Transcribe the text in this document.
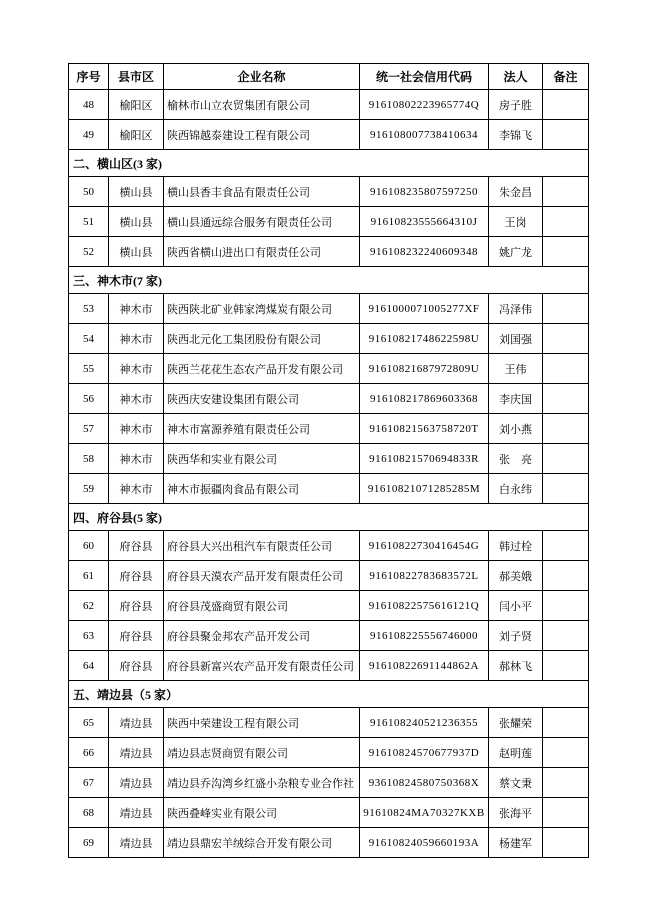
序号	县市区	企业名称	统一社会信用代码	法人	备注
48	榆阳区	榆林市山立农贸集团有限公司	91610802223965774Q	房子胜	
49	榆阳区	陕西锦越泰建设工程有限公司	916108007738410634	李锦飞	
二、横山区(3 家)					
50	横山县	横山县香丰食品有限责任公司	916108235807597250	朱金昌	
51	横山县	横山县通远综合服务有限责任公司	91610823555664310J	王岗	
52	横山县	陕西省横山进出口有限责任公司	916108232240609348	姚广龙	
三、神木市(7 家)					
53	神木市	陕西陕北矿业韩家湾煤炭有限公司	9161000071005277XF	冯泽伟	
54	神木市	陕西北元化工集团股份有限公司	91610821748622598U	刘国强	
55	神木市	陕西兰花花生态农产品开发有限公司	91610821687972809U	王伟	
56	神木市	陕西庆安建设集团有限公司	916108217869603368	李庆国	
57	神木市	神木市富源养殖有限责任公司	91610821563758720T	刘小燕	
58	神木市	陕西华和实业有限公司	91610821570694833R	张　亮	
59	神木市	神木市振疆肉食品有限公司	91610821071285285M	白永纬	
四、府谷县(5 家)					
60	府谷县	府谷县大兴出租汽车有限责任公司	91610822730416454G	韩过栓	
61	府谷县	府谷县天漠农产品开发有限责任公司	91610822783683572L	郝美娥	
62	府谷县	府谷县茂盛商贸有限公司	91610822575616121Q	闫小平	
63	府谷县	府谷县聚金邦农产品开发公司	916108225556746000	刘子贤	
64	府谷县	府谷县新富兴农产品开发有限责任公司	91610822691144862A	郝林飞	
五、靖边县（5 家）					
65	靖边县	陕西中荣建设工程有限公司	916108240521236355	张耀荣	
66	靖边县	靖边县志贤商贸有限公司	91610824570677937D	赵明莲	
67	靖边县	靖边县乔沟湾乡红盛小杂粮专业合作社	93610824580750368X	蔡文秉	
68	靖边县	陕西叠峰实业有限公司	91610824MA70327KXB	张海平	
69	靖边县	靖边县鼎宏羊绒综合开发有限公司	91610824059660193A	杨建军	
